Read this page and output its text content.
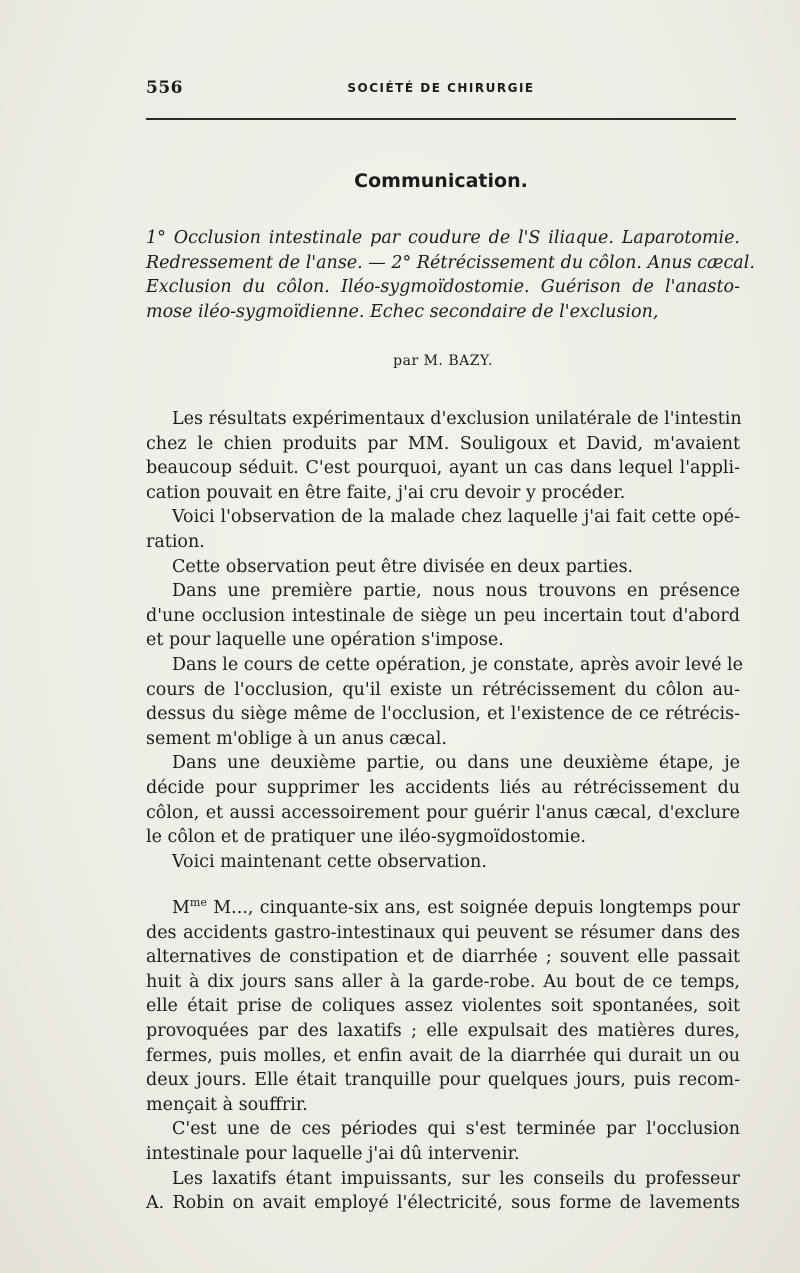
556	SOCIÉTÉ DE CHIRURGIE
Communication.
1° Occlusion intestinale par coudure de l'S iliaque. Laparotomie.
Redressement de l'anse. — 2° Rétrécissement du côlon. Anus cæcal.
Exclusion du côlon. Iléo-sygmoïdostomie. Guérison de l'anasto-
mose iléo-sygmoïdienne. Echec secondaire de l'exclusion,
par M. BAZY.
Les résultats expérimentaux d'exclusion unilatérale de l'intestin
chez le chien produits par MM. Souligoux et David, m'avaient
beaucoup séduit. C'est pourquoi, ayant un cas dans lequel l'appli-
cation pouvait en être faite, j'ai cru devoir y procéder.
Voici l'observation de la malade chez laquelle j'ai fait cette opé-
ration.
Cette observation peut être divisée en deux parties.
Dans une première partie, nous nous trouvons en présence
d'une occlusion intestinale de siège un peu incertain tout d'abord
et pour laquelle une opération s'impose.
Dans le cours de cette opération, je constate, après avoir levé le
cours de l'occlusion, qu'il existe un rétrécissement du côlon au-
dessus du siège même de l'occlusion, et l'existence de ce rétrécis-
sement m'oblige à un anus cæcal.
Dans une deuxième partie, ou dans une deuxième étape, je
décide pour supprimer les accidents liés au rétrécissement du
côlon, et aussi accessoirement pour guérir l'anus cæcal, d'exclure
le côlon et de pratiquer une iléo-sygmoïdostomie.
Voici maintenant cette observation.
$M^{me}$ M..., cinquante-six ans, est soignée depuis longtemps pour
des accidents gastro-intestinaux qui peuvent se résumer dans des
alternatives de constipation et de diarrhée ; souvent elle passait
huit à dix jours sans aller à la garde-robe. Au bout de ce temps,
elle était prise de coliques assez violentes soit spontanées, soit
provoquées par des laxatifs ; elle expulsait des matières dures,
fermes, puis molles, et enfin avait de la diarrhée qui durait un ou
deux jours. Elle était tranquille pour quelques jours, puis recom-
mençait à souffrir.
C'est une de ces périodes qui s'est terminée par l'occlusion
intestinale pour laquelle j'ai dû intervenir.
Les laxatifs étant impuissants, sur les conseils du professeur
A. Robin on avait employé l'électricité, sous forme de lavements
